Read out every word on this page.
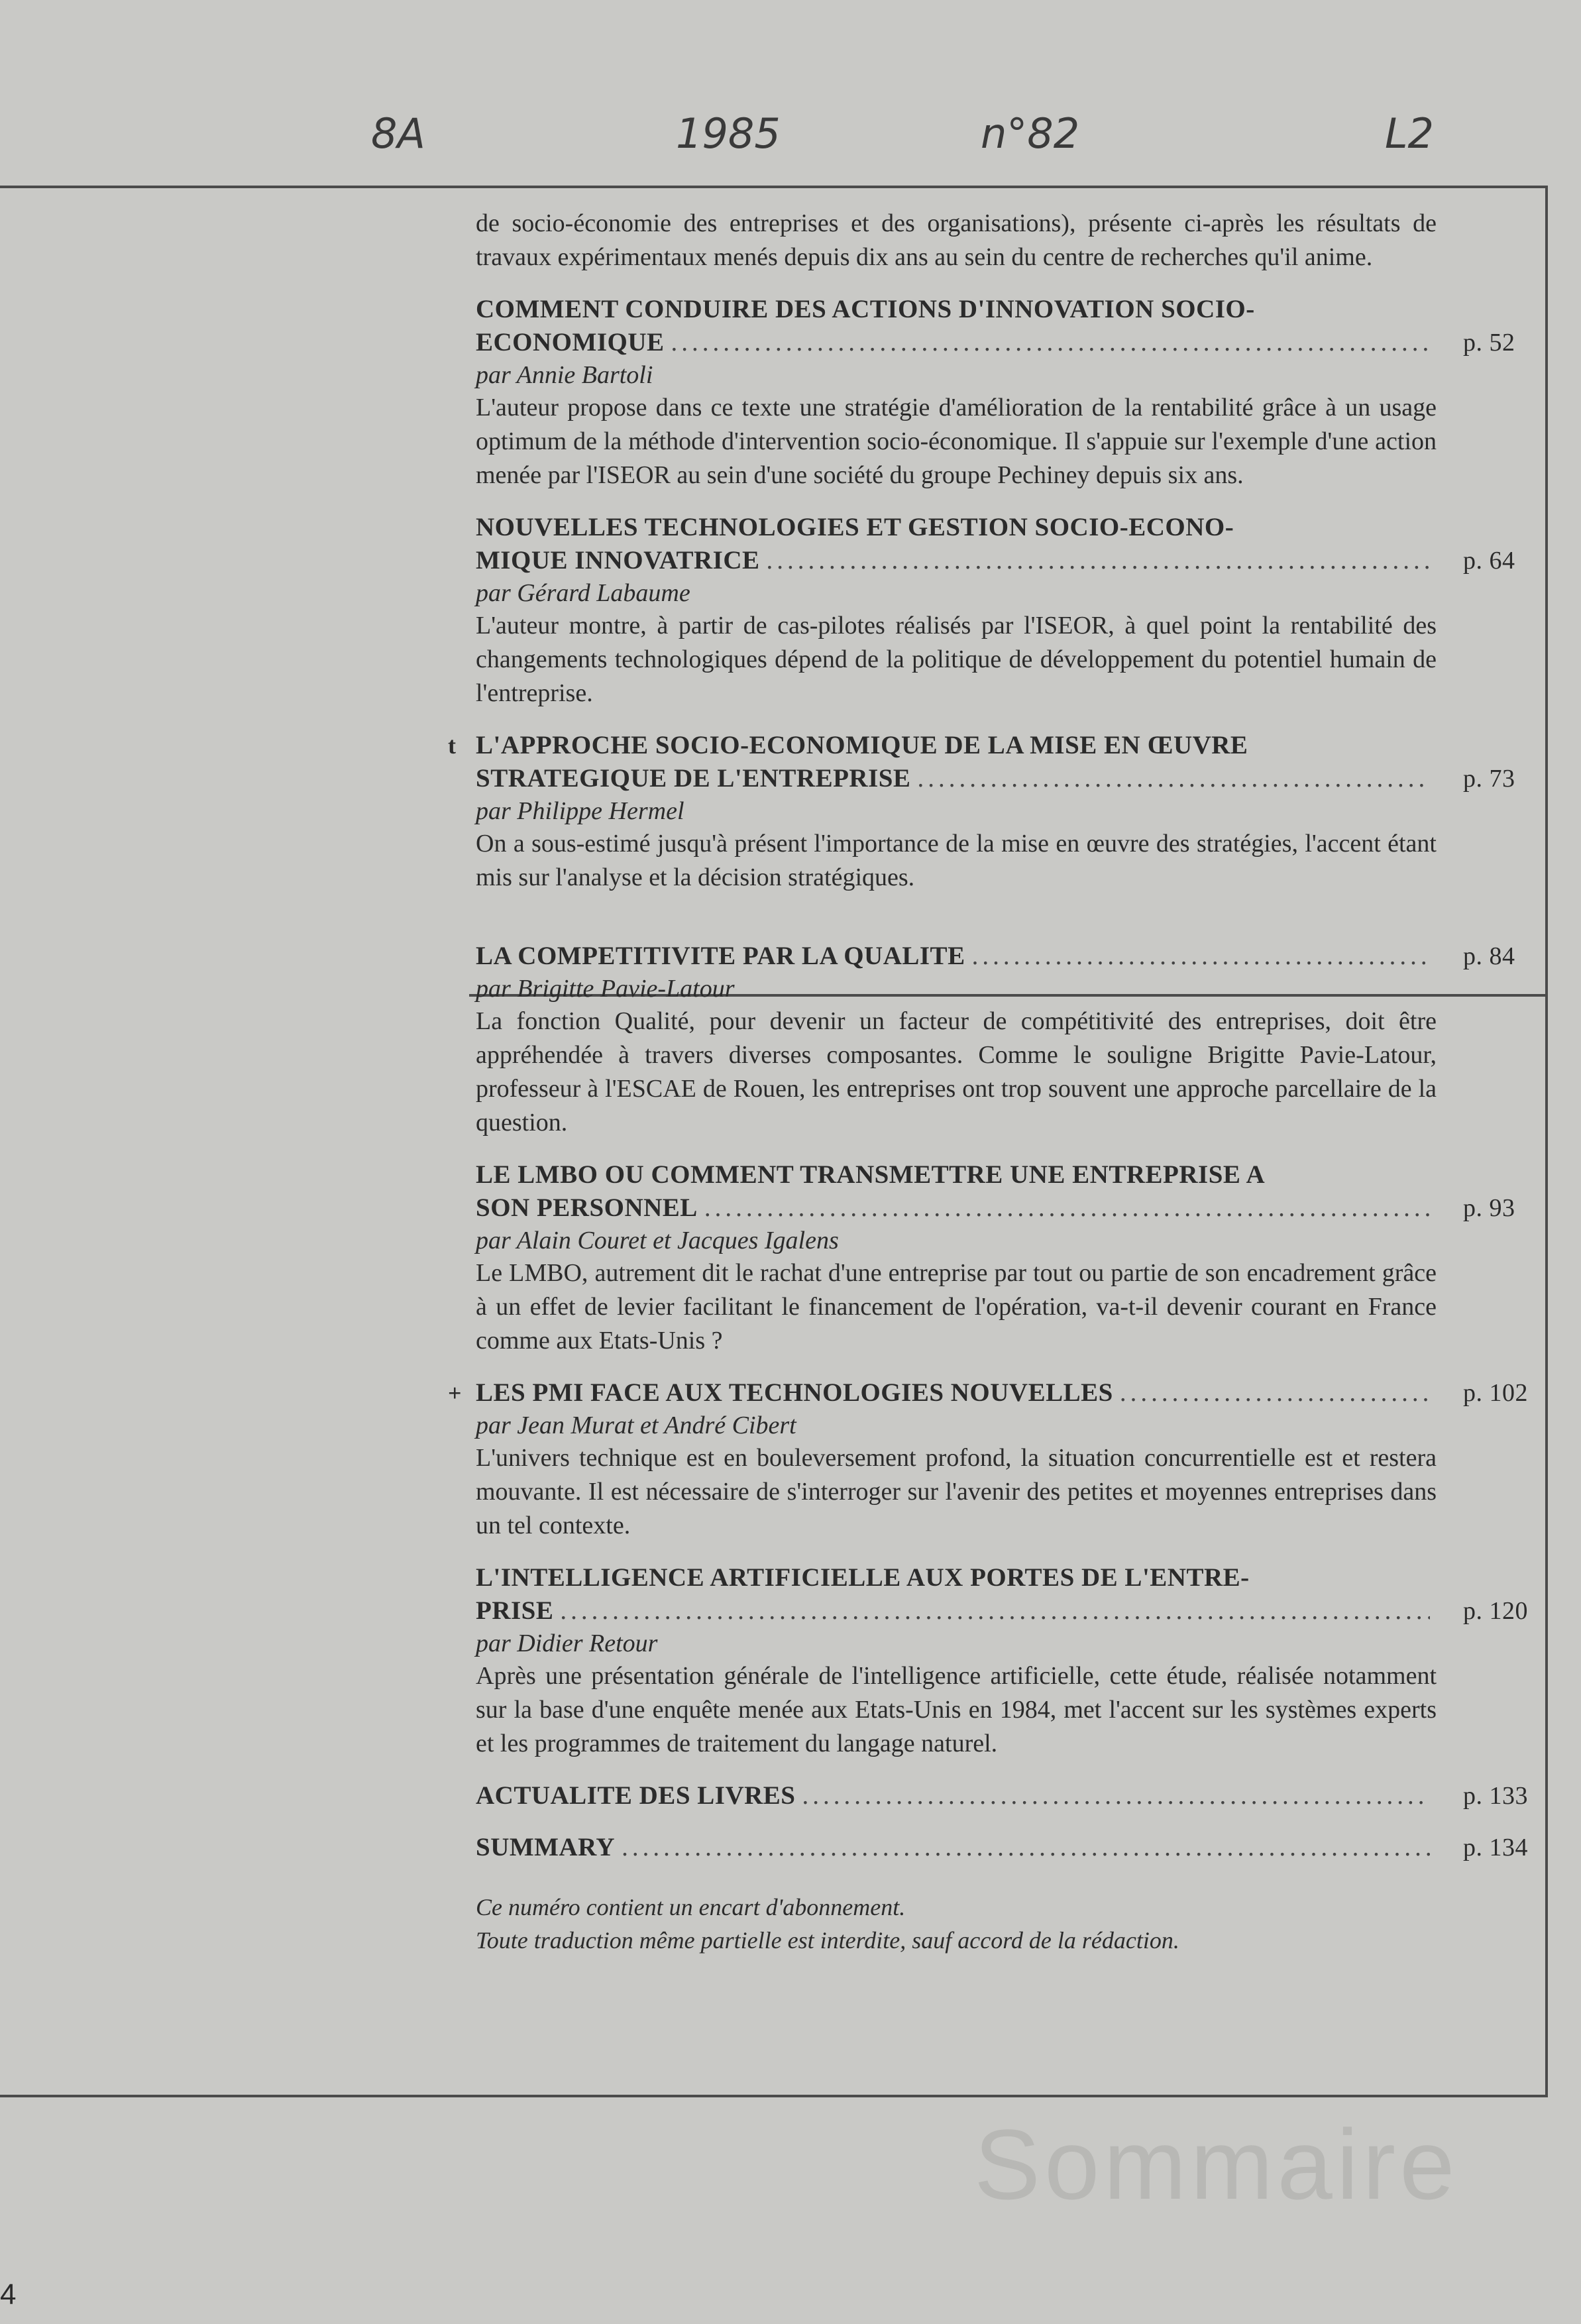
8A	1985	n°82	L2
Sommaire

de socio-économie des entreprises et des organisations), présente ci-après les résultats de travaux expérimentaux menés depuis dix ans au sein du centre de recherches qu'il anime.

COMMENT CONDUIRE DES ACTIONS D'INNOVATION SOCIO-
ECONOMIQUE .....	p. 52
par Annie Bartoli
L'auteur propose dans ce texte une stratégie d'amélioration de la rentabilité grâce à un usage optimum de la méthode d'intervention socio-économique. Il s'appuie sur l'exemple d'une action menée par l'ISEOR au sein d'une société du groupe Pechiney depuis six ans.
NOUVELLES TECHNOLOGIES ET GESTION SOCIO-ECONO-
MIQUE INNOVATRICE .....	p. 64
par Gérard Labaume
L'auteur montre, à partir de cas-pilotes réalisés par l'ISEOR, à quel point la rentabilité des changements technologiques dépend de la politique de développement du potentiel humain de l'entreprise.
t L'APPROCHE SOCIO-ECONOMIQUE DE LA MISE EN ŒUVRE
STRATEGIQUE DE L'ENTREPRISE .....	p. 73
par Philippe Hermel
On a sous-estimé jusqu'à présent l'importance de la mise en œuvre des stratégies, l'accent étant mis sur l'analyse et la décision stratégiques.
LA COMPETITIVITE PAR LA QUALITE .....	p. 84
par Brigitte Pavie-Latour
La fonction Qualité, pour devenir un facteur de compétitivité des entreprises, doit être appréhendée à travers diverses composantes. Comme le souligne Brigitte Pavie-Latour, professeur à l'ESCAE de Rouen, les entreprises ont trop souvent une approche parcellaire de la question.
LE LMBO OU COMMENT TRANSMETTRE UNE ENTREPRISE A
SON PERSONNEL .....	p. 93
par Alain Couret et Jacques Igalens
Le LMBO, autrement dit le rachat d'une entreprise par tout ou partie de son encadrement grâce à un effet de levier facilitant le financement de l'opération, va-t-il devenir courant en France comme aux Etats-Unis ?
+ LES PMI FACE AUX TECHNOLOGIES NOUVELLES .....	p. 102
par Jean Murat et André Cibert
L'univers technique est en bouleversement profond, la situation concurrentielle est et restera mouvante. Il est nécessaire de s'interroger sur l'avenir des petites et moyennes entreprises dans un tel contexte.
L'INTELLIGENCE ARTIFICIELLE AUX PORTES DE L'ENTRE-
PRISE .....	p. 120
par Didier Retour
Après une présentation générale de l'intelligence artificielle, cette étude, réalisée notamment sur la base d'une enquête menée aux Etats-Unis en 1984, met l'accent sur les systèmes experts et les programmes de traitement du langage naturel.
ACTUALITE DES LIVRES .....	p. 133
SUMMARY .....	p. 134
Ce numéro contient un encart d'abonnement.
Toute traduction même partielle est interdite, sauf accord de la rédaction.
4
